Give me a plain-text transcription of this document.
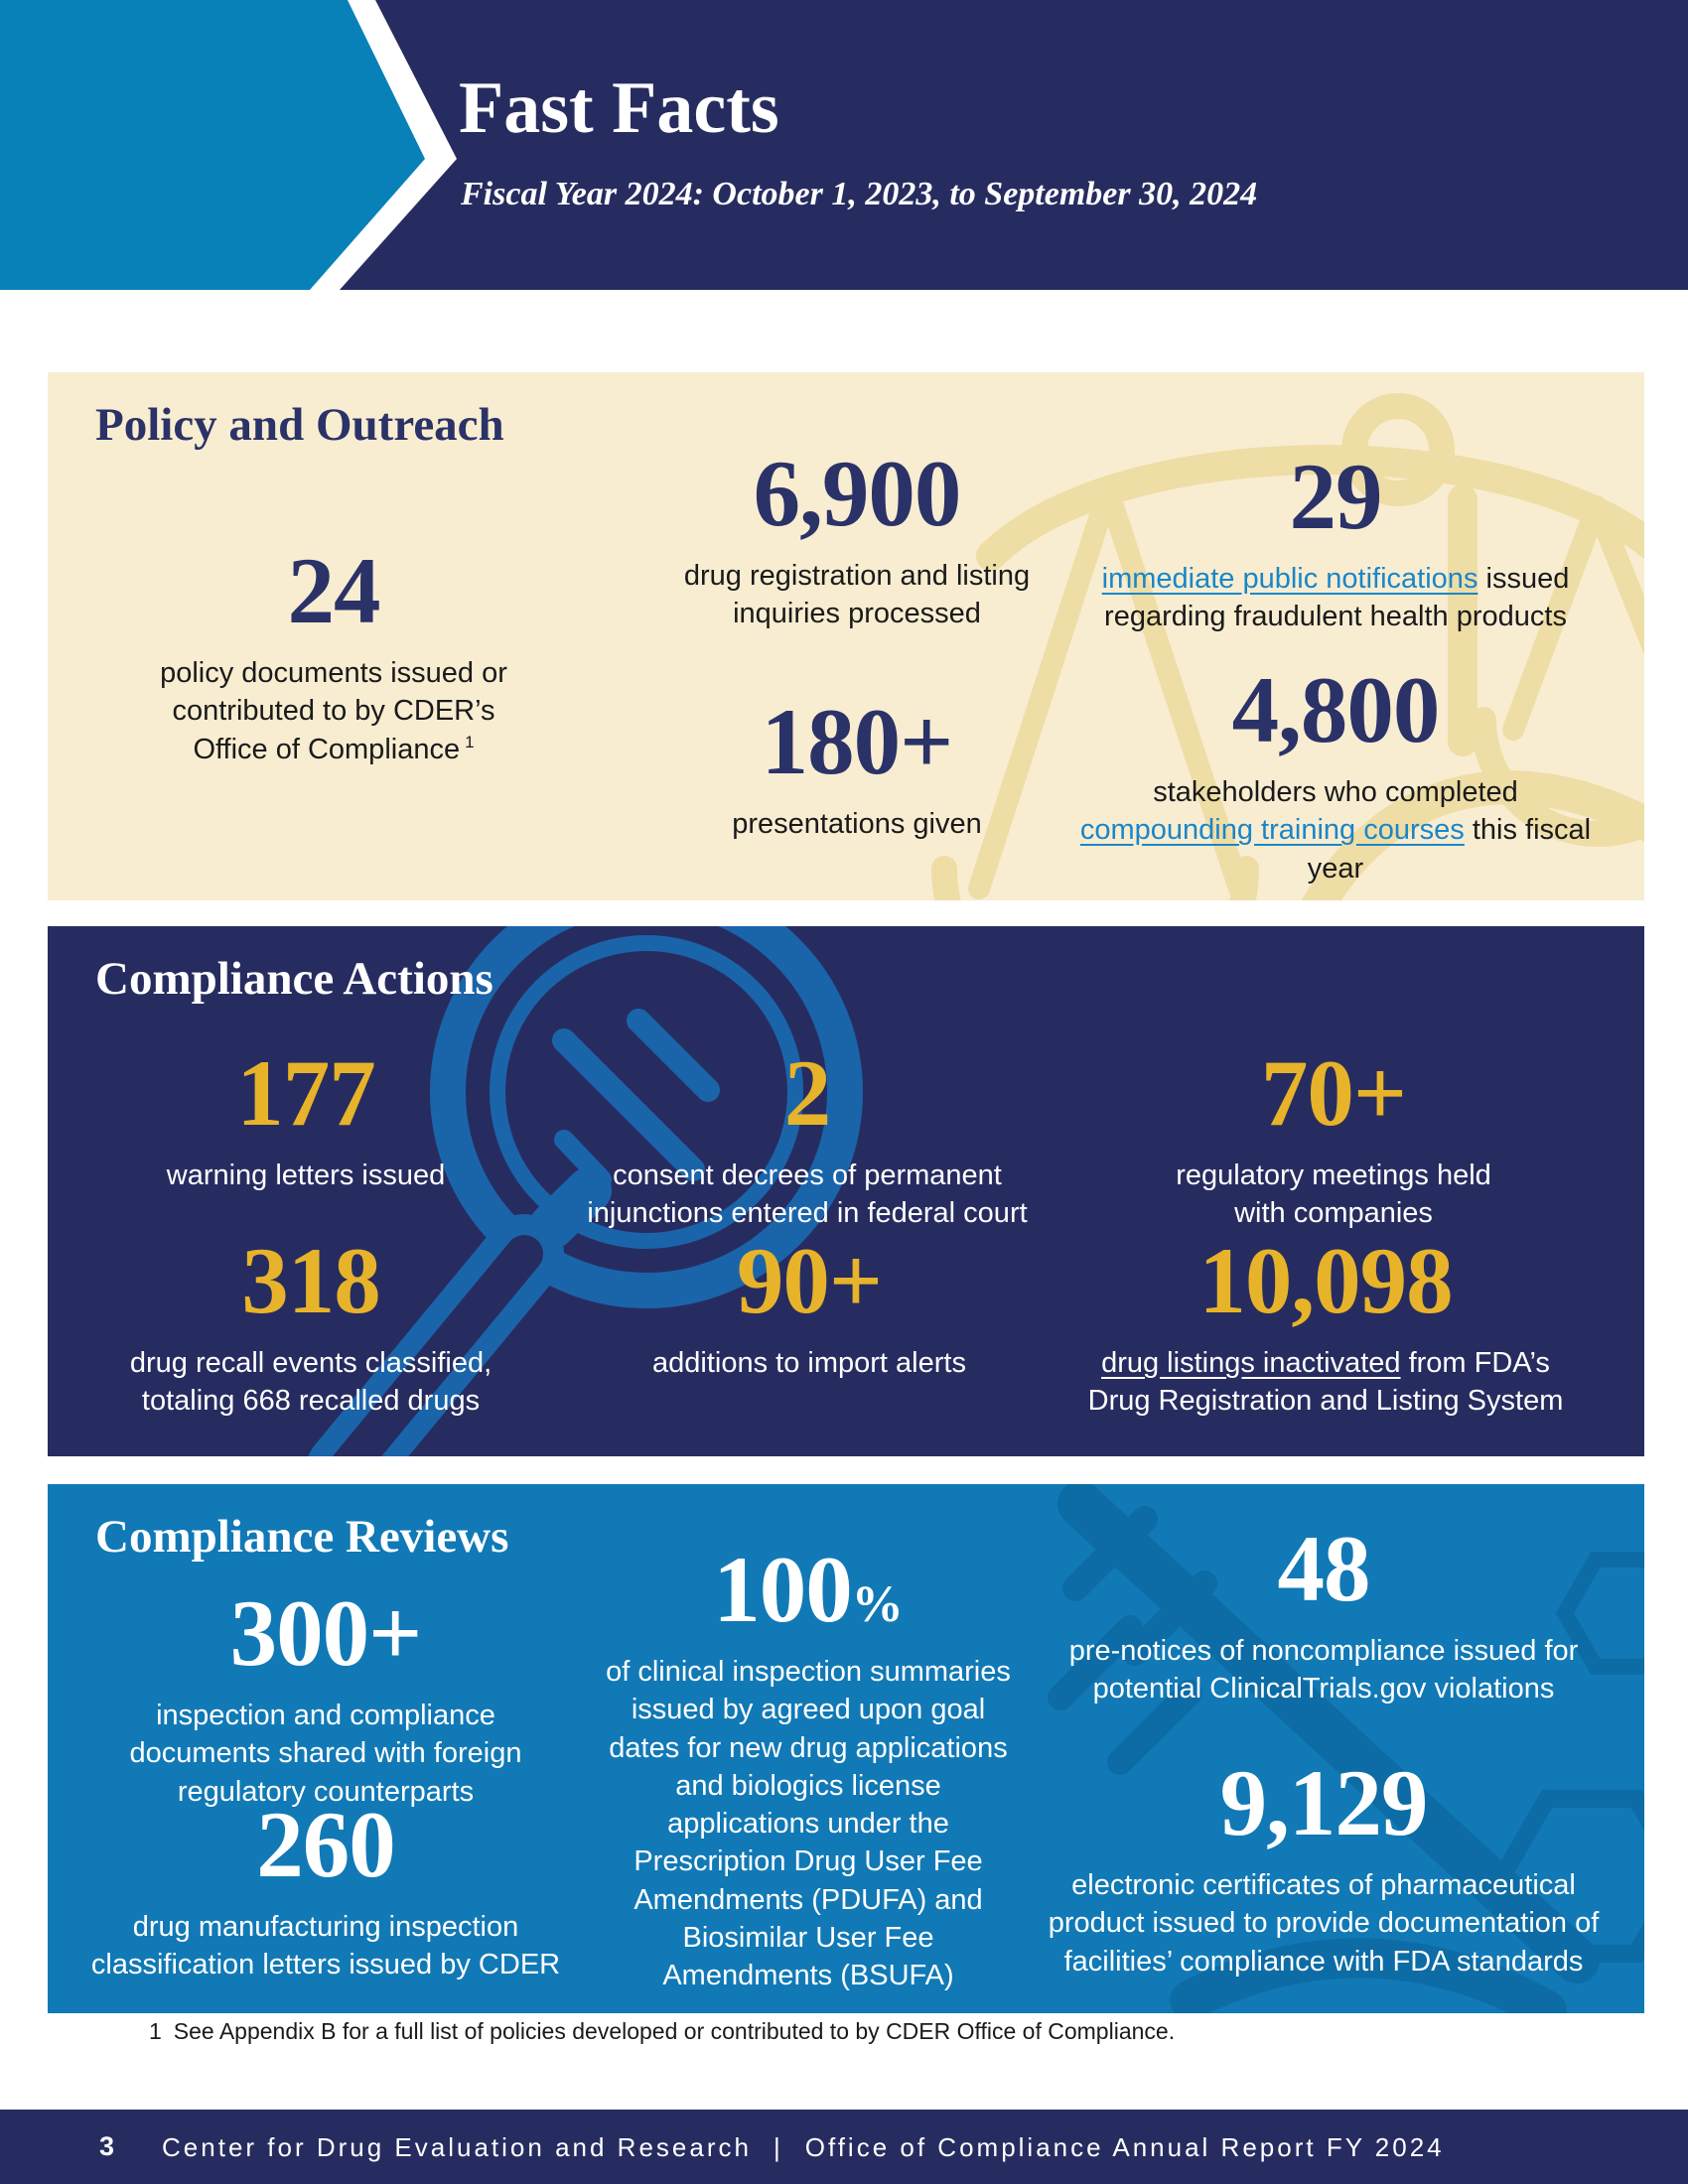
Fast Facts

Fiscal Year 2024: October 1, 2023, to September 30, 2024

Policy and Outreach
24
policy documents issued or contributed to by CDER’s Office of Compliance $^1$
6,900
drug registration and listing inquiries processed
29
immediate public notifications issued regarding fraudulent health products
180+
presentations given
4,800
stakeholders who completed compounding training courses this fiscal year
Compliance Actions
177
warning letters issued
2
consent decrees of permanent injunctions entered in federal court
70+
regulatory meetings held with companies
318
drug recall events classified, totaling 668 recalled drugs
90+
additions to import alerts
10,098
drug listings inactivated from FDA’s Drug Registration and Listing System
Compliance Reviews
300+
inspection and compliance documents shared with foreign regulatory counterparts
100%
of clinical inspection summaries issued by agreed upon goal dates for new drug applications and biologics license applications under the Prescription Drug User Fee Amendments (PDUFA) and Biosimilar User Fee Amendments (BSUFA)
48
pre-notices of noncompliance issued for potential ClinicalTrials.gov violations
260
drug manufacturing inspection classification letters issued by CDER
9,129
electronic certificates of pharmaceutical product issued to provide documentation of facilities’ compliance with FDA standards

1 See Appendix B for a full list of policies developed or contributed to by CDER Office of Compliance.

3 Center for Drug Evaluation and Research | Office of Compliance Annual Report FY 2024
